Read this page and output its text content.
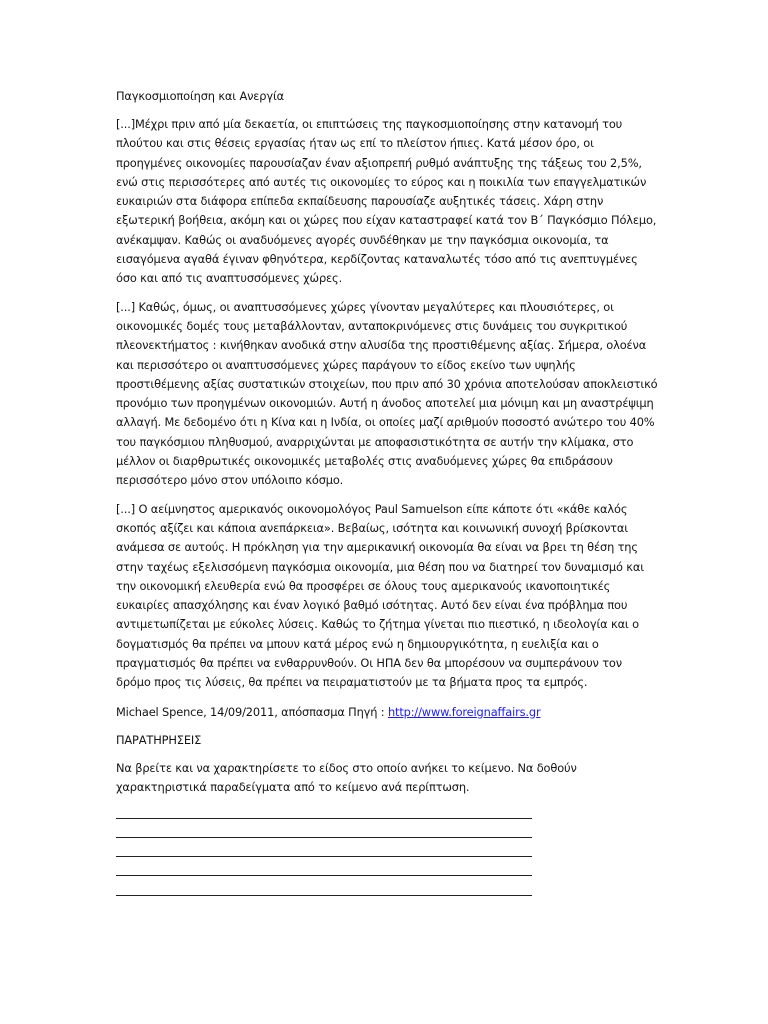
Παγκοσμιοποίηση και Ανεργία

[...]Μέχρι πριν από μία δεκαετία, οι επιπτώσεις της παγκοσμιοποίησης στην κατανομή του πλούτου και στις θέσεις εργασίας ήταν ως επί το πλείστον ήπιες. Κατά μέσον όρο, οι προηγμένες οικονομίες παρουσίαζαν έναν αξιοπρεπή ρυθμό ανάπτυξης της τάξεως του 2,5%, ενώ στις περισσότερες από αυτές τις οικονομίες το εύρος και η ποικιλία των επαγγελματικών ευκαιριών στα διάφορα επίπεδα εκπαίδευσης παρουσίαζε αυξητικές τάσεις. Χάρη στην εξωτερική βοήθεια, ακόμη και οι χώρες που είχαν καταστραφεί κατά τον Β΄ Παγκόσμιο Πόλεμο, ανέκαμψαν. Καθώς οι αναδυόμενες αγορές συνδέθηκαν με την παγκόσμια οικονομία, τα εισαγόμενα αγαθά έγιναν φθηνότερα, κερδίζοντας καταναλωτές τόσο από τις ανεπτυγμένες όσο και από τις αναπτυσσόμενες χώρες.

[...] Καθώς, όμως, οι αναπτυσσόμενες χώρες γίνονταν μεγαλύτερες και πλουσιότερες, οι οικονομικές δομές τους μεταβάλλονταν, ανταποκρινόμενες στις δυνάμεις του συγκριτικού πλεονεκτήματος : κινήθηκαν ανοδικά στην αλυσίδα της προστιθέμενης αξίας. Σήμερα, ολοένα και περισσότερο οι αναπτυσσόμενες χώρες παράγουν το είδος εκείνο των υψηλής προστιθέμενης αξίας συστατικών στοιχείων, που πριν από 30 χρόνια αποτελούσαν αποκλειστικό προνόμιο των προηγμένων οικονομιών. Αυτή η άνοδος αποτελεί μια μόνιμη και μη αναστρέψιμη αλλαγή. Με δεδομένο ότι η Κίνα και η Ινδία, οι οποίες μαζί αριθμούν ποσοστό ανώτερο του 40% του παγκόσμιου πληθυσμού, αναρριχώνται με αποφασιστικότητα σε αυτήν την κλίμακα, στο μέλλον οι διαρθρωτικές οικονομικές μεταβολές στις αναδυόμενες χώρες θα επιδράσουν περισσότερο μόνο στον υπόλοιπο κόσμο.

[...] Ο αείμνηστος αμερικανός οικονομολόγος Paul Samuelson είπε κάποτε ότι «κάθε καλός σκοπός αξίζει και κάποια ανεπάρκεια». Βεβαίως, ισότητα και κοινωνική συνοχή βρίσκονται ανάμεσα σε αυτούς. Η πρόκληση για την αμερικανική οικονομία θα είναι να βρει τη θέση της στην ταχέως εξελισσόμενη παγκόσμια οικονομία, μια θέση που να διατηρεί τον δυναμισμό και την οικονομική ελευθερία ενώ θα προσφέρει σε όλους τους αμερικανούς ικανοποιητικές ευκαιρίες απασχόλησης και έναν λογικό βαθμό ισότητας. Αυτό δεν είναι ένα πρόβλημα που αντιμετωπίζεται με εύκολες λύσεις. Καθώς το ζήτημα γίνεται πιο πιεστικό, η ιδεολογία και ο δογματισμός θα πρέπει να μπουν κατά μέρος ενώ η δημιουργικότητα, η ευελιξία και ο πραγματισμός θα πρέπει να ενθαρρυνθούν. Οι ΗΠΑ δεν θα μπορέσουν να συμπεράνουν τον δρόμο προς τις λύσεις, θα πρέπει να πειραματιστούν με τα βήματα προς τα εμπρός.

Michael Spence, 14/09/2011, απόσπασμα Πηγή : http://www.foreignaffairs.gr

ΠΑΡΑΤΗΡΗΣΕΙΣ

Να βρείτε και να χαρακτηρίσετε το είδος στο οποίο ανήκει το κείμενο. Να δοθούν χαρακτηριστικά παραδείγματα από το κείμενο ανά περίπτωση.
